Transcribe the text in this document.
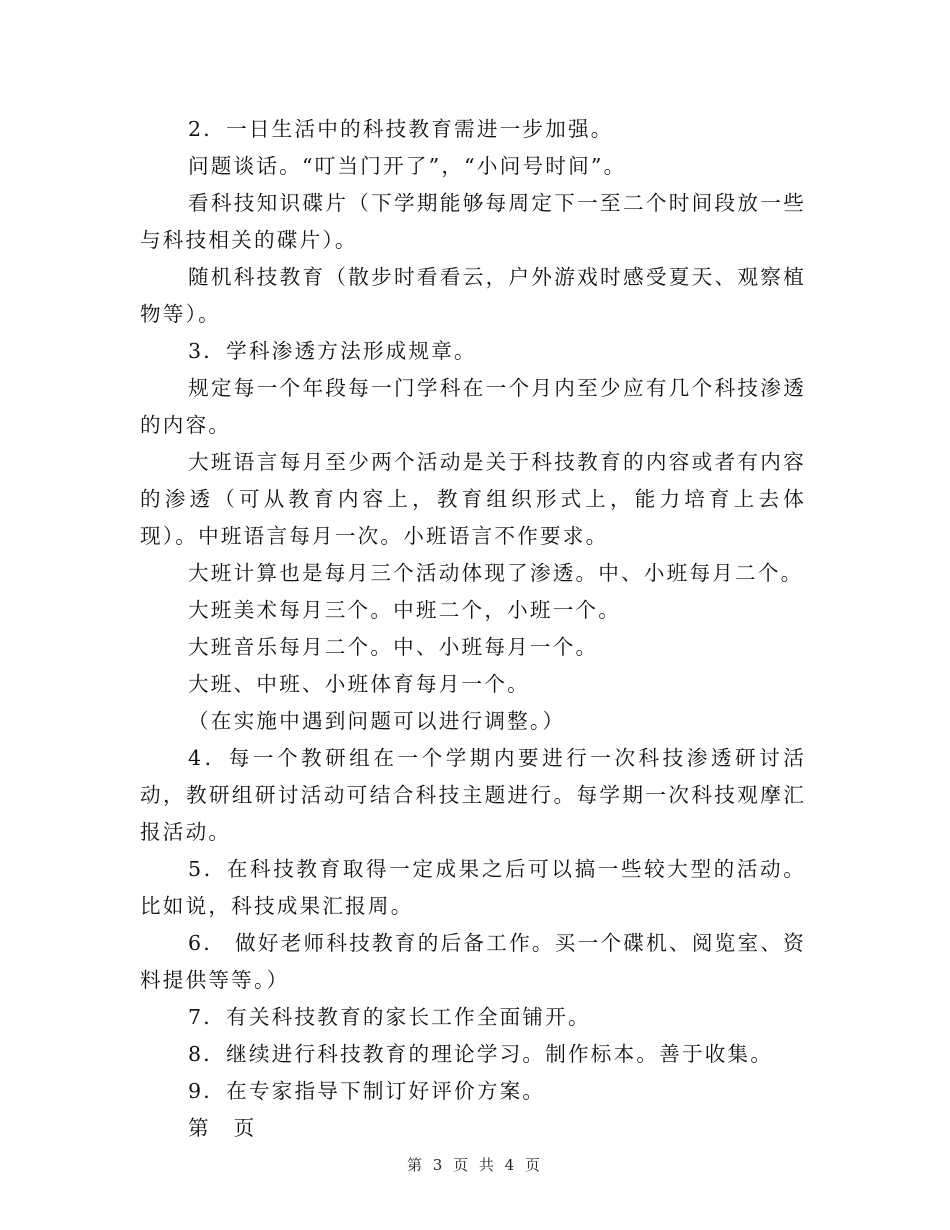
2．一日生活中的科技教育需进一步加强。

问题谈话。“叮当门开了”，“小问号时间”。

看科技知识碟片（下学期能够每周定下一至二个时间段放一些与科技相关的碟片）。

随机科技教育（散步时看看云，户外游戏时感受夏天、观察植物等）。

3．学科渗透方法形成规章。

规定每一个年段每一门学科在一个月内至少应有几个科技渗透的内容。

大班语言每月至少两个活动是关于科技教育的内容或者有内容的渗透（可从教育内容上，教育组织形式上，能力培育上去体现）。中班语言每月一次。小班语言不作要求。

大班计算也是每月三个活动体现了渗透。中、小班每月二个。

大班美术每月三个。中班二个，小班一个。

大班音乐每月二个。中、小班每月一个。

大班、中班、小班体育每月一个。

（在实施中遇到问题可以进行调整。）

4．每一个教研组在一个学期内要进行一次科技渗透研讨活动，教研组研讨活动可结合科技主题进行。每学期一次科技观摩汇报活动。

5．在科技教育取得一定成果之后可以搞一些较大型的活动。比如说，科技成果汇报周。

6． 做好老师科技教育的后备工作。买一个碟机、阅览室、资料提供等等。）

7．有关科技教育的家长工作全面铺开。

8．继续进行科技教育的理论学习。制作标本。善于收集。

9．在专家指导下制订好评价方案。

第　页

第 3 页 共 4 页
